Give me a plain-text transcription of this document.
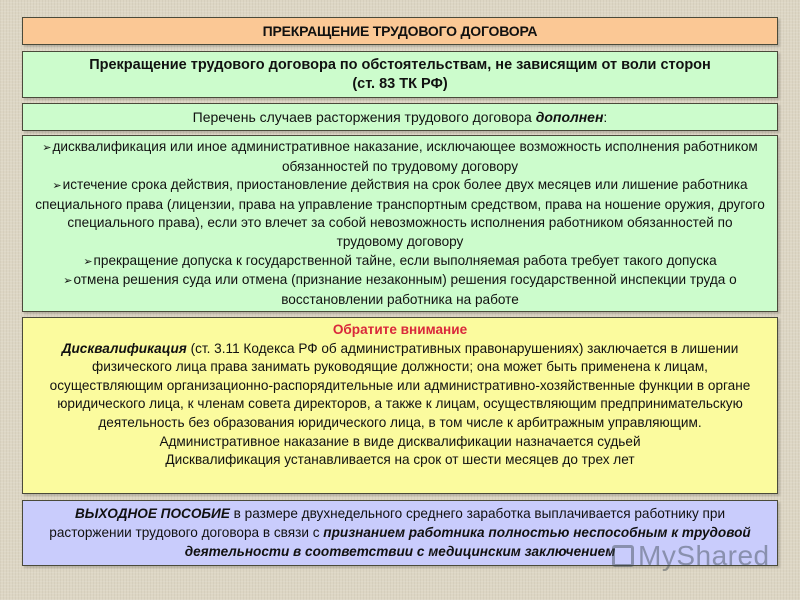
ПРЕКРАЩЕНИЕ ТРУДОВОГО ДОГОВОРА
Прекращение трудового договора по обстоятельствам, не зависящим от воли сторон
(ст. 83 ТК РФ)
Перечень случаев расторжения трудового договора дополнен:
➢дисквалификация или иное административное наказание, исключающее возможность исполнения работником обязанностей по трудовому договору
➢истечение срока действия, приостановление действия на срок более двух месяцев или лишение работника специального права (лицензии, права на управление транспортным средством, права на ношение оружия, другого специального права), если это влечет за собой невозможность исполнения работником обязанностей по трудовому договору
➢прекращение допуска к государственной тайне, если выполняемая работа требует такого допуска
➢отмена решения суда или отмена (признание незаконным) решения государственной инспекции труда о восстановлении работника на работе
Обратите внимание
Дисквалификация (ст. 3.11 Кодекса РФ об административных правонарушениях) заключается в лишении физического лица права занимать руководящие должности; она может быть применена к лицам, осуществляющим организационно-распорядительные или административно-хозяйственные функции в органе юридического лица, к членам совета директоров, а также к лицам, осуществляющим предпринимательскую деятельность без образования юридического лица, в том числе к арбитражным управляющим.
Административное наказание в виде дисквалификации назначается судьей
Дисквалификация устанавливается на срок от шести месяцев до трех лет
ВЫХОДНОЕ ПОСОБИЕ в размере двухнедельного среднего заработка выплачивается работнику при расторжении трудового договора в связи с признанием работника полностью неспособным к трудовой деятельности в соответствии с медицинским заключением MyShared
